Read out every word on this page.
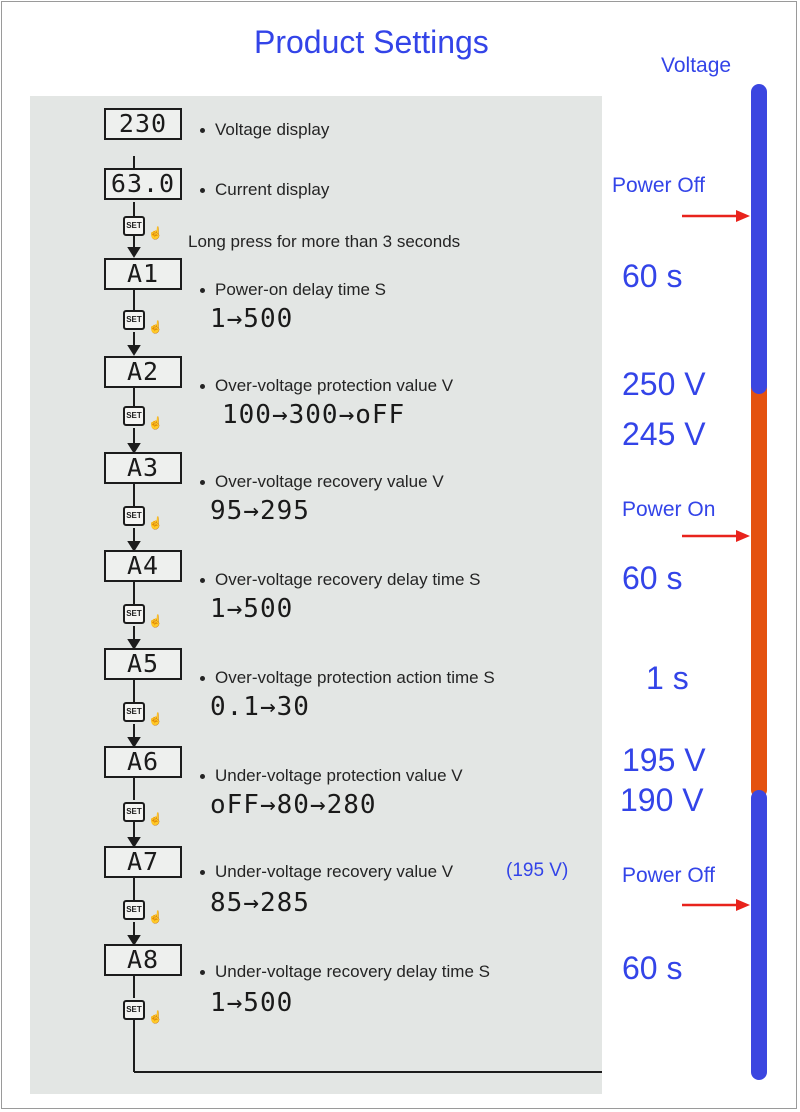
Product Settings
230	Voltage display
63.0	Current display
SET
☝ Long press for more than 3 seconds
A1
Power-on delay time S
1→500
SET
☝
A2	Over-voltage protection value V
100→300→oFF
SET
☝
A3	Over-voltage recovery value V
95→295
SET
☝
A4	Over-voltage recovery delay time S
1→500
SET
☝
A5	Over-voltage protection action time S
0.1→30
SET
☝
A6	Under-voltage protection value V
oFF→80→280
SET
☝
A7	Under-voltage recovery value V
85→285
SET
☝
A8	Under-voltage recovery delay time S
1→500
SET
☝
(195 V)
Voltage
Power Off
60 s
250 V
245 V
Power On
60 s
1 s
195 V
190 V
Power Off
60 s
